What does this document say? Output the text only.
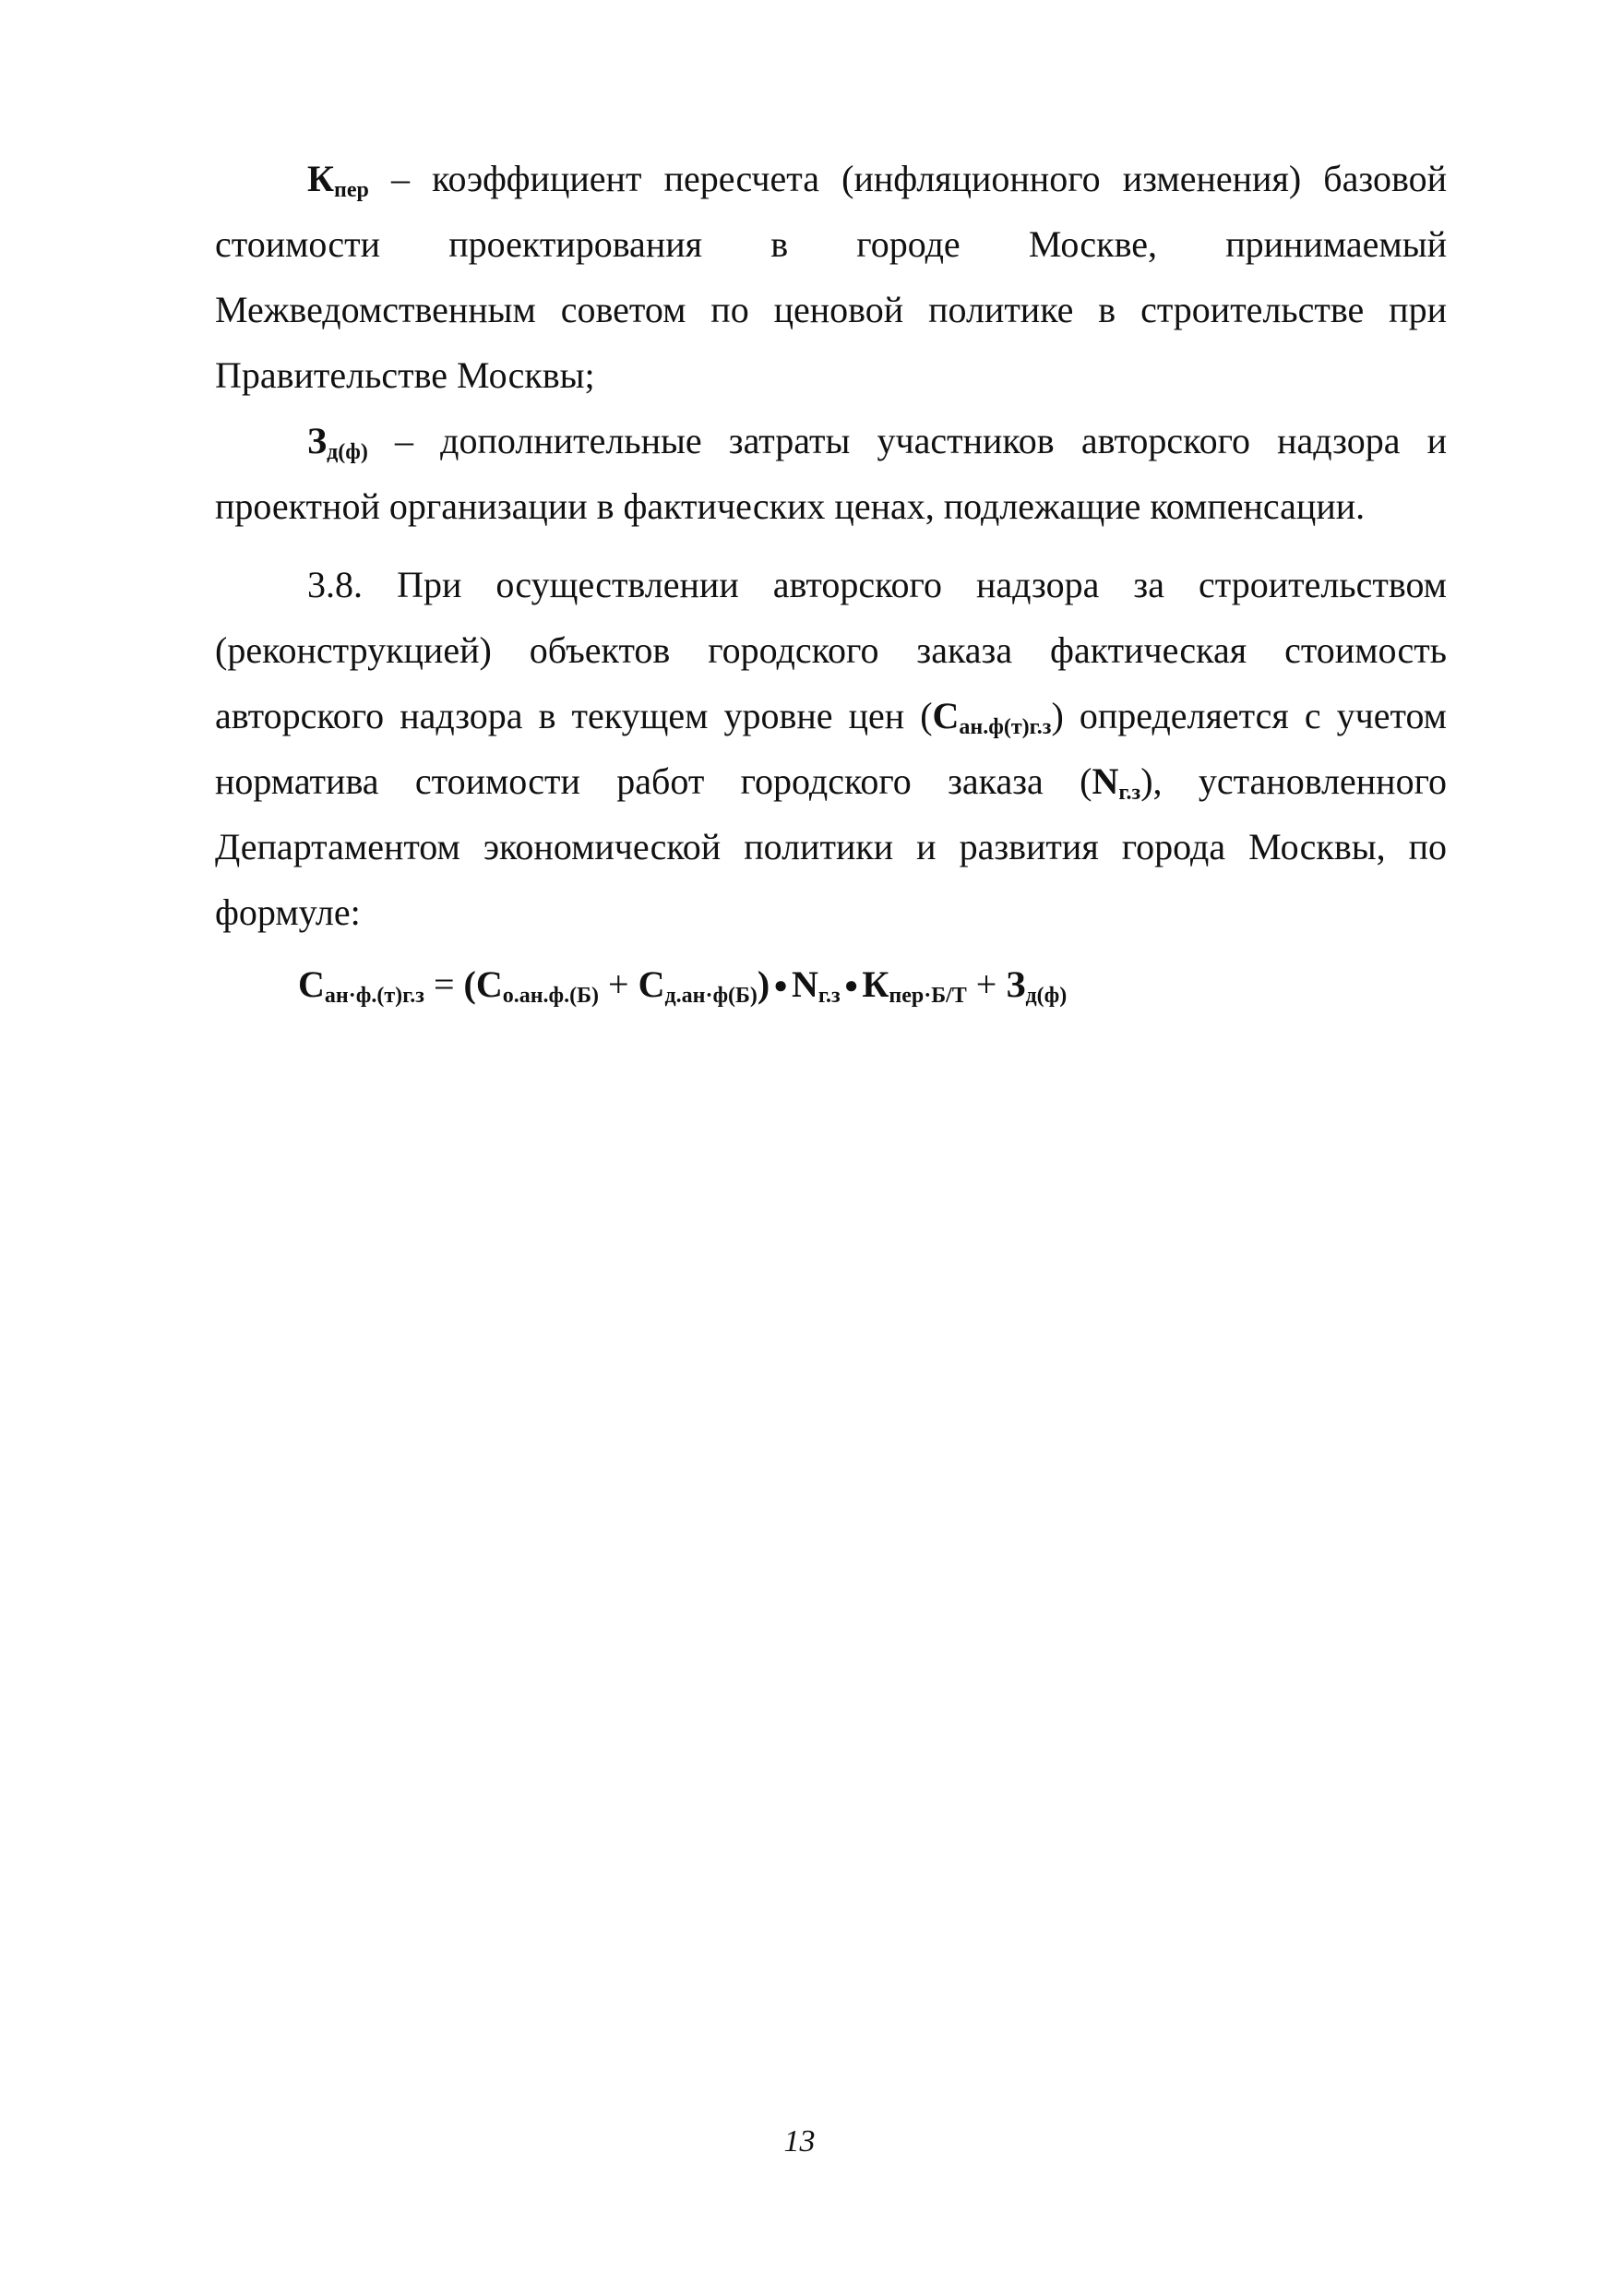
$К_{пер}$ – коэффициент пересчета (инфляционного изменения) базовой стоимости проектирования в городе Москве, принимаемый Межведомственным советом по ценовой политике в строительстве при Правительстве Москвы;

$З_{д(ф)}$ – дополнительные затраты участников авторского надзора и проектной организации в фактических ценах, подлежащие компенсации.

3.8. При осуществлении авторского надзора за строительством (реконструкцией) объектов городского заказа фактическая стоимость авторского надзора в текущем уровне цен $(С_{ан.ф(т)г.з})$ определяется с учетом норматива стоимости работ городского заказа $(N_{г.з})$, установленного Департаментом экономической политики и развития города Москвы, по формуле:

$С_{ан\cdot ф.(т)г.з} = (С_{о.ан.ф.(Б)} + С_{д.ан\cdot ф(Б)})$ ● $N_{г.з}$ ● $К_{пер\cdot Б/Т} + З_{д(ф)}$

13
